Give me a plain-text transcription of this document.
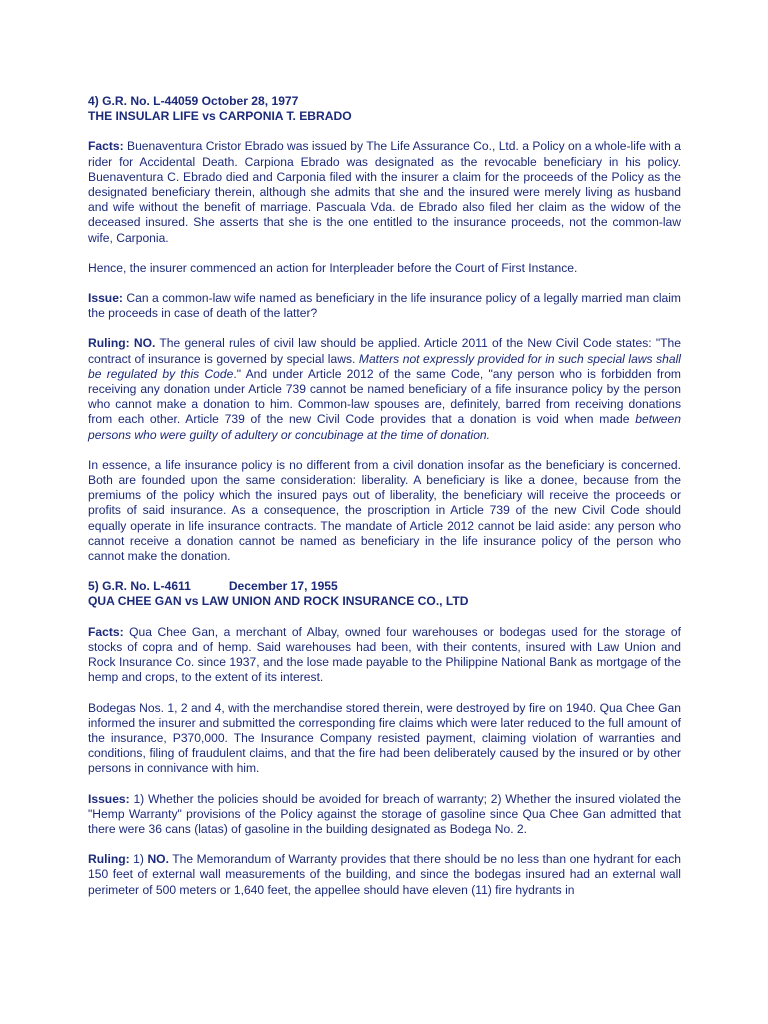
4) G.R. No. L-44059 October 28, 1977

THE INSULAR LIFE vs CARPONIA T. EBRADO

Facts: Buenaventura Cristor Ebrado was issued by The Life Assurance Co., Ltd. a Policy on a whole-life with a rider for Accidental Death. Carpiona Ebrado was designated as the revocable beneficiary in his policy. Buenaventura C. Ebrado died and Carponia filed with the insurer a claim for the proceeds of the Policy as the designated beneficiary therein, although she admits that she and the insured were merely living as husband and wife without the benefit of marriage. Pascuala Vda. de Ebrado also filed her claim as the widow of the deceased insured. She asserts that she is the one entitled to the insurance proceeds, not the common-law wife, Carponia.

Hence, the insurer commenced an action for Interpleader before the Court of First Instance.

Issue: Can a common-law wife named as beneficiary in the life insurance policy of a legally married man claim the proceeds in case of death of the latter?

Ruling: NO. The general rules of civil law should be applied. Article 2011 of the New Civil Code states: "The contract of insurance is governed by special laws. Matters not expressly provided for in such special laws shall be regulated by this Code." And under Article 2012 of the same Code, "any person who is forbidden from receiving any donation under Article 739 cannot be named beneficiary of a fife insurance policy by the person who cannot make a donation to him. Common-law spouses are, definitely, barred from receiving donations from each other. Article 739 of the new Civil Code provides that a donation is void when made between persons who were guilty of adultery or concubinage at the time of donation.

In essence, a life insurance policy is no different from a civil donation insofar as the beneficiary is concerned. Both are founded upon the same consideration: liberality. A beneficiary is like a donee, because from the premiums of the policy which the insured pays out of liberality, the beneficiary will receive the proceeds or profits of said insurance. As a consequence, the proscription in Article 739 of the new Civil Code should equally operate in life insurance contracts. The mandate of Article 2012 cannot be laid aside: any person who cannot receive a donation cannot be named as beneficiary in the life insurance policy of the person who cannot make the donation.

5) G.R. No. L-4611	December 17, 1955

QUA CHEE GAN vs LAW UNION AND ROCK INSURANCE CO., LTD

Facts: Qua Chee Gan, a merchant of Albay, owned four warehouses or bodegas used for the storage of stocks of copra and of hemp. Said warehouses had been, with their contents, insured with Law Union and Rock Insurance Co. since 1937, and the lose made payable to the Philippine National Bank as mortgage of the hemp and crops, to the extent of its interest.

Bodegas Nos. 1, 2 and 4, with the merchandise stored therein, were destroyed by fire on 1940. Qua Chee Gan informed the insurer and submitted the corresponding fire claims which were later reduced to the full amount of the insurance, P370,000. The Insurance Company resisted payment, claiming violation of warranties and conditions, filing of fraudulent claims, and that the fire had been deliberately caused by the insured or by other persons in connivance with him.

Issues: 1) Whether the policies should be avoided for breach of warranty; 2) Whether the insured violated the "Hemp Warranty" provisions of the Policy against the storage of gasoline since Qua Chee Gan admitted that there were 36 cans (latas) of gasoline in the building designated as Bodega No. 2.

Ruling: 1) NO. The Memorandum of Warranty provides that there should be no less than one hydrant for each 150 feet of external wall measurements of the building, and since the bodegas insured had an external wall perimeter of 500 meters or 1,640 feet, the appellee should have eleven (11) fire hydrants in
